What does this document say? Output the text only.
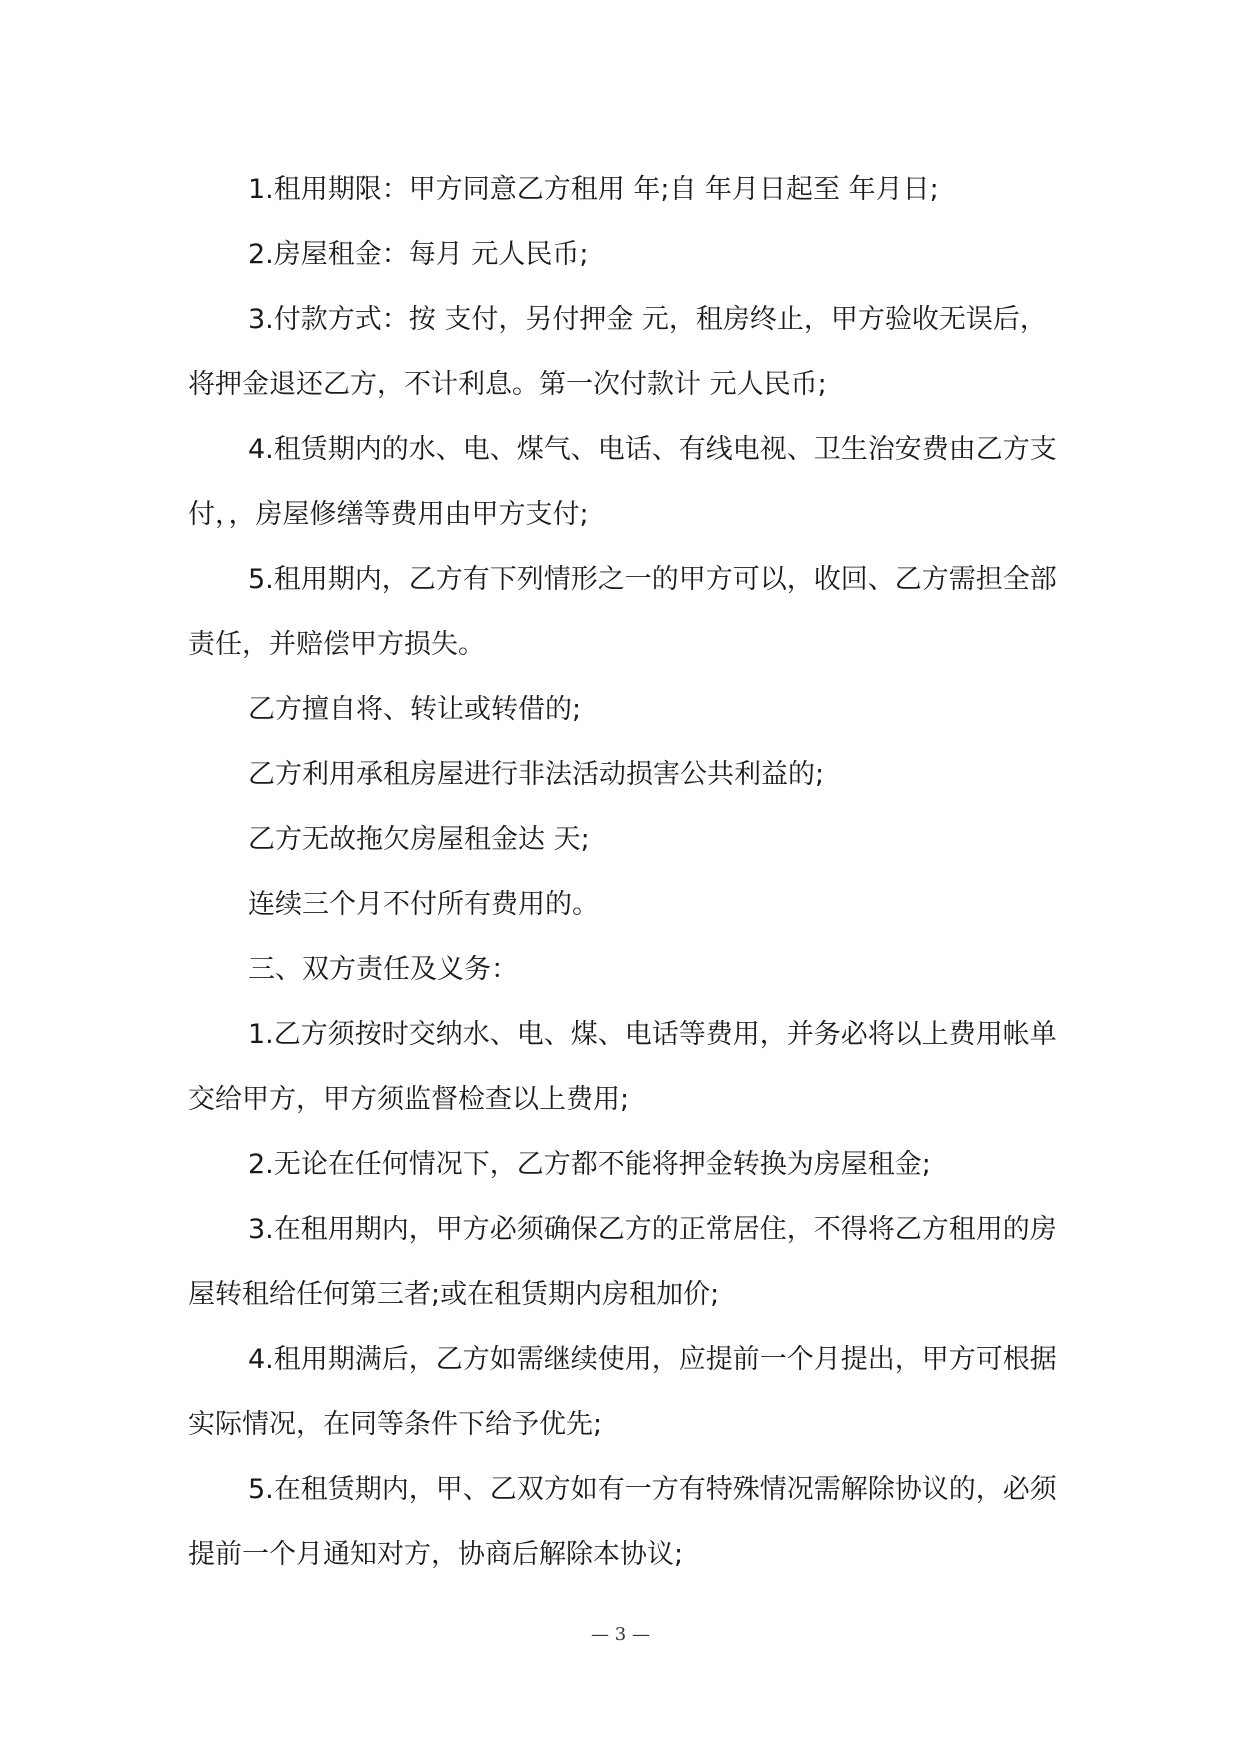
1.租用期限：甲方同意乙方租用 年;自 年月日起至 年月日;

2.房屋租金：每月 元人民币;

3.付款方式：按 支付，另付押金 元，租房终止，甲方验收无误后，将押金退还乙方，不计利息。第一次付款计 元人民币;

4.租赁期内的水、电、煤气、电话、有线电视、卫生治安费由乙方支付，，房屋修缮等费用由甲方支付;

5.租用期内，乙方有下列情形之一的甲方可以，收回、乙方需担全部责任，并赔偿甲方损失。

乙方擅自将、转让或转借的;

乙方利用承租房屋进行非法活动损害公共利益的;

乙方无故拖欠房屋租金达 天;

连续三个月不付所有费用的。

三、双方责任及义务：

1.乙方须按时交纳水、电、煤、电话等费用，并务必将以上费用帐单交给甲方，甲方须监督检查以上费用;

2.无论在任何情况下，乙方都不能将押金转换为房屋租金;

3.在租用期内，甲方必须确保乙方的正常居住，不得将乙方租用的房屋转租给任何第三者;或在租赁期内房租加价;

4.租用期满后，乙方如需继续使用，应提前一个月提出，甲方可根据实际情况，在同等条件下给予优先;

5.在租赁期内，甲、乙双方如有一方有特殊情况需解除协议的，必须提前一个月通知对方，协商后解除本协议;

— 3 —
